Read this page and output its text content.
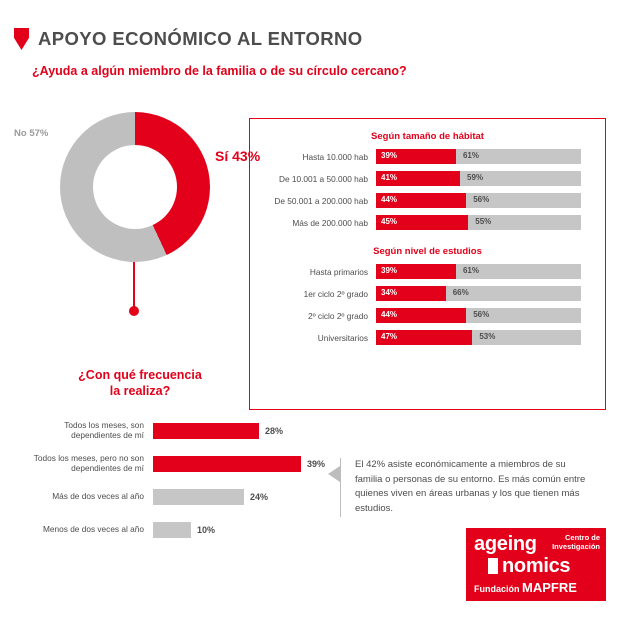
APOYO ECONÓMICO AL ENTORNO
¿Ayuda a algún miembro de la familia o de su círculo cercano?
No 57%
Sí 43%
Según tamaño de hábitat
Hasta 10.000 hab	39%	61%
De 10.001 a 50.000 hab	41%	59%
De 50.001 a 200.000 hab	44%	56%
Más de 200.000 hab	45%	55%
Según nivel de estudios
Hasta primarios	39%	61%
1er ciclo 2º grado	34%	66%
2º ciclo 2º grado	44%	56%
Universitarios	47%	53%
¿Con qué frecuencia
la realiza?
Todos los meses, son dependientes de mí	28%
Todos los meses, pero no son dependientes de mí	39%
Más de dos veces al año	24%
Menos de dos veces al año	10%
El 42% asiste económicamente a miembros de su familia o personas de su entorno. Es más común entre quienes viven en áreas urbanas y los que tienen más estudios.
Centro de
Investigación
ageing
nomics
Fundación MAPFRE
